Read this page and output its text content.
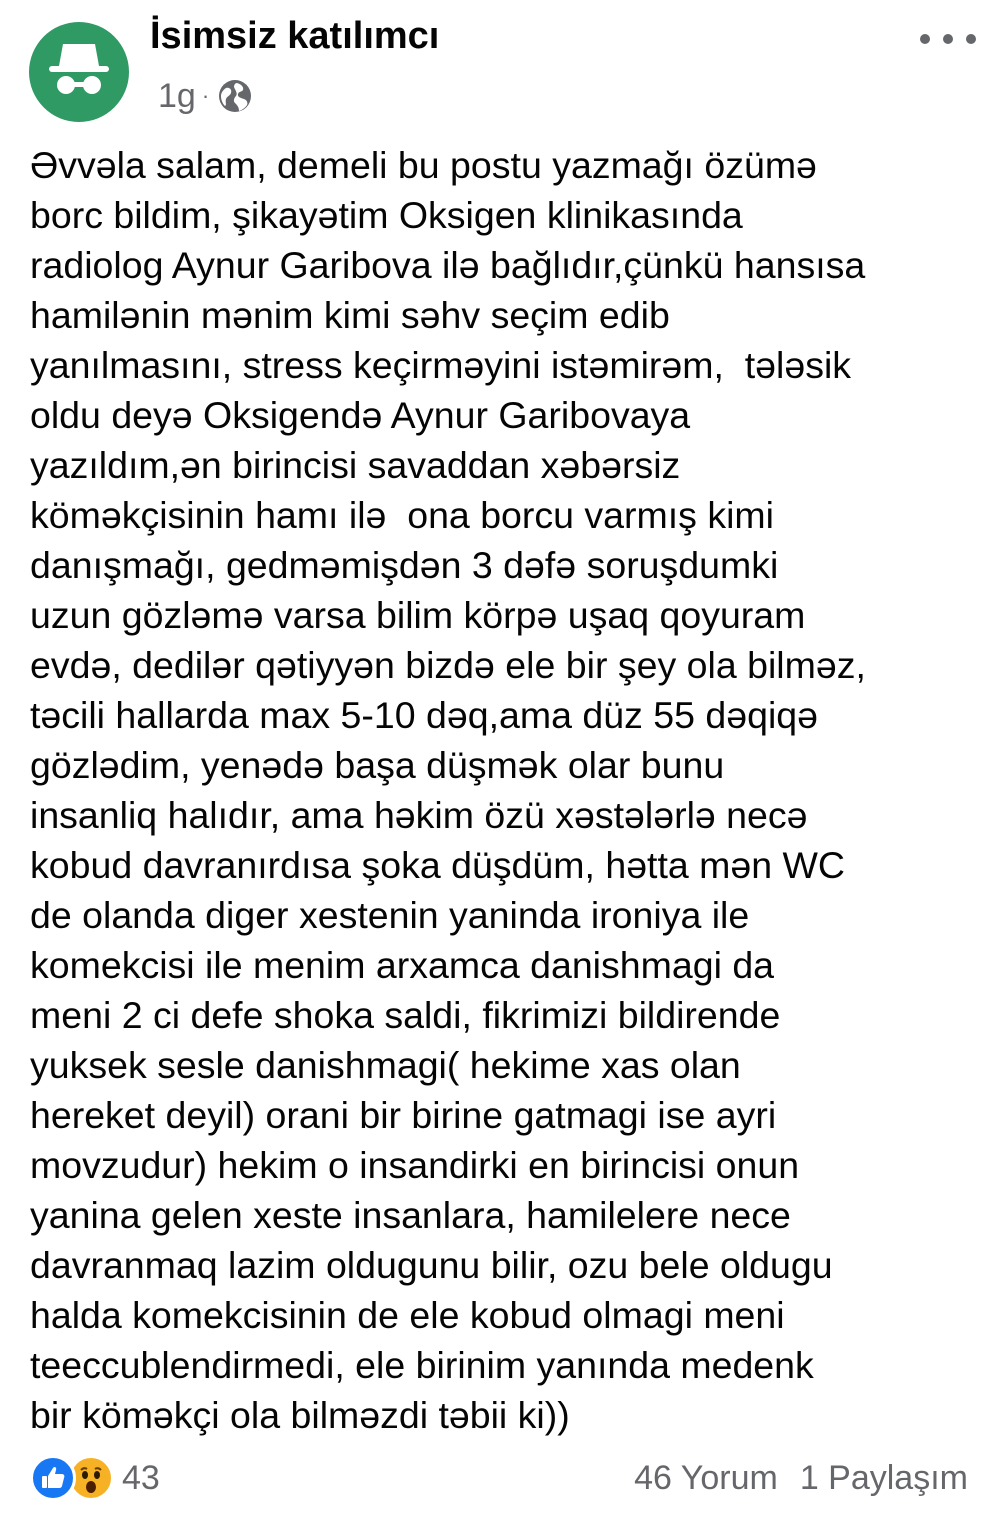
İsimsiz katılımcı
1g ·
Əvvəla salam, demeli bu postu yazmağı özümə
borc bildim, şikayətim Oksigen klinikasında
radiolog Aynur Garibova ilə bağlıdır,çünkü hansısa
hamilənin mənim kimi səhv seçim edib
yanılmasını, stress keçirməyini istəmirəm,  tələsik
oldu deyə Oksigendə Aynur Garibovaya
yazıldım,ən birincisi savaddan xəbərsiz
köməkçisinin hamı ilə  ona borcu varmış kimi
danışmağı, gedməmişdən 3 dəfə soruşdumki
uzun gözləmə varsa bilim körpə uşaq qoyuram
evdə, dedilər qətiyyən bizdə ele bir şey ola bilməz,
təcili hallarda max 5-10 dəq,ama düz 55 dəqiqə
gözlədim, yenədə başa düşmək olar bunu
insanliq halıdır, ama həkim özü xəstələrlə necə
kobud davranırdısa şoka düşdüm, hətta mən WC
de olanda diger xestenin yaninda ironiya ile
komekcisi ile menim arxamca danishmagi da
meni 2 ci defe shoka saldi, fikrimizi bildirende
yuksek sesle danishmagi( hekime xas olan
hereket deyil) orani bir birine gatmagi ise ayri
movzudur) hekim o insandirki en birincisi onun
yanina gelen xeste insanlara, hamilelere nece
davranmaq lazim oldugunu bilir, ozu bele oldugu
halda komekcisinin de ele kobud olmagi meni
teeccublendirmedi, ele birinim yanında medenk
bir köməkçi ola bilməzdi təbii ki))
43	46 Yorum 1 Paylaşım
